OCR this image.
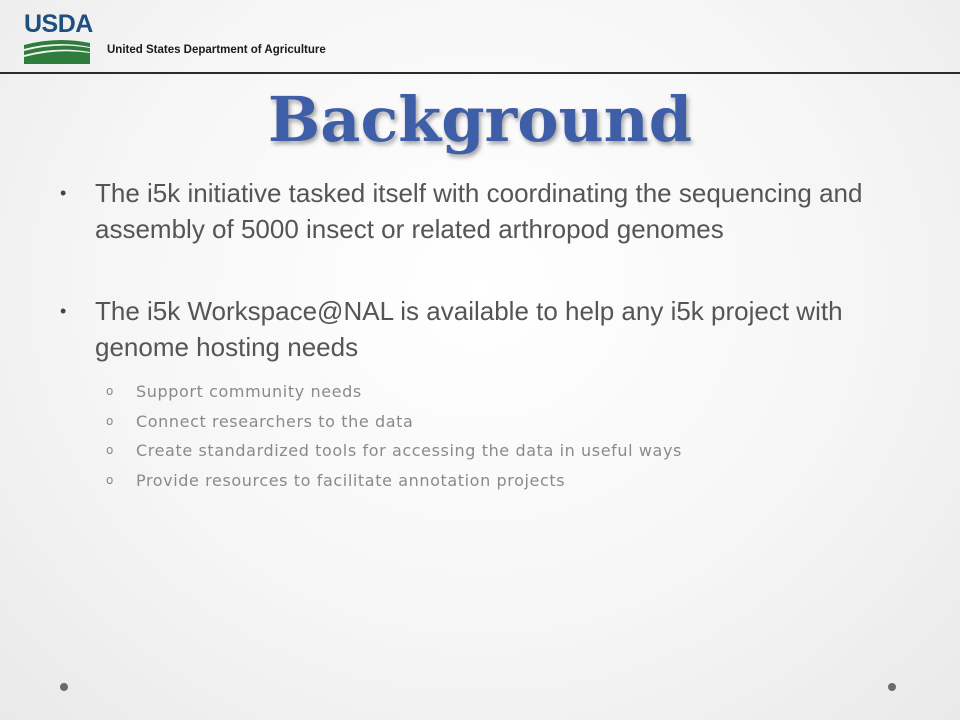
USDA
United States Department of Agriculture
Background
• The i5k initiative tasked itself with coordinating the sequencing and assembly of 5000 insect or related arthropod genomes
• The i5k Workspace@NAL is available to help any i5k project with genome hosting needs
o Support community needs
o Connect researchers to the data
o Create standardized tools for accessing the data in useful ways
o Provide resources to facilitate annotation projects
